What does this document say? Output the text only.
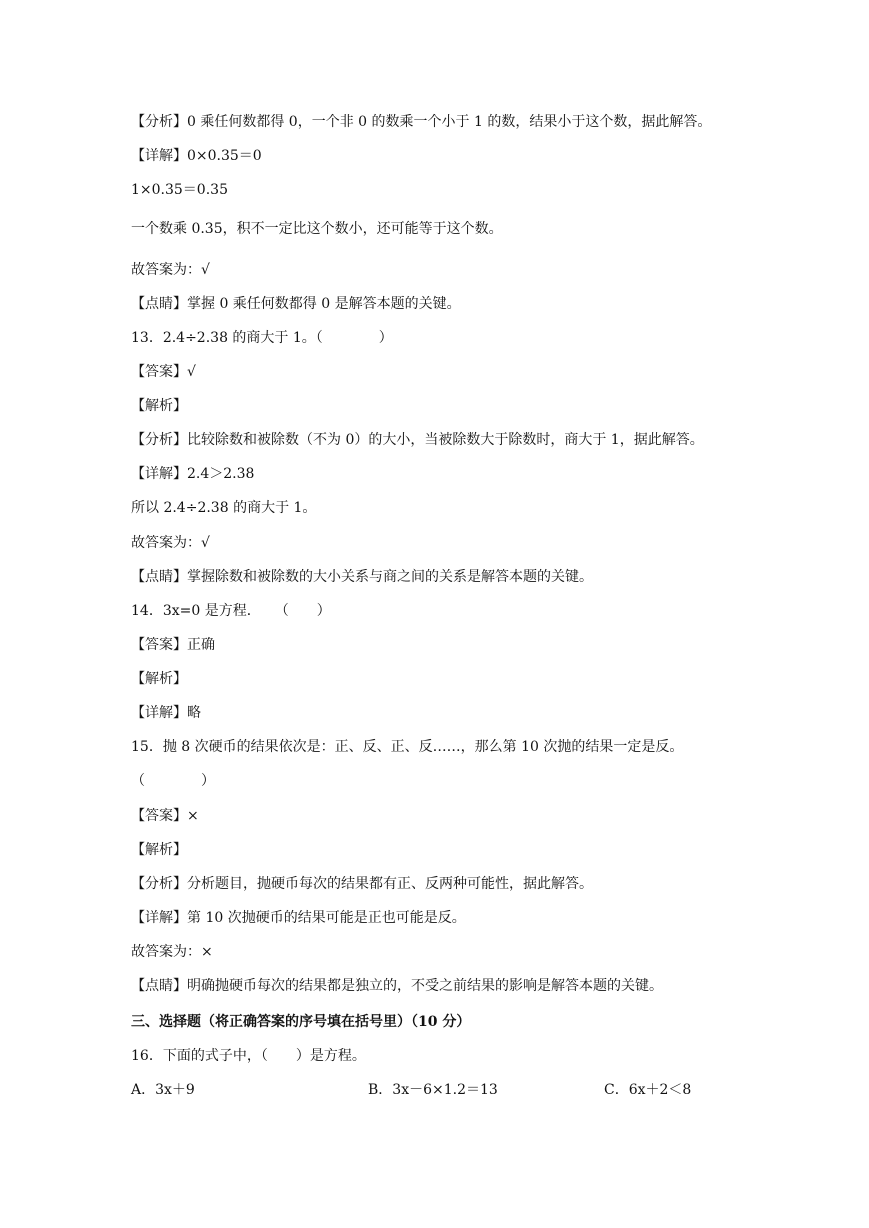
【分析】0 乘任何数都得 0，一个非 0 的数乘一个小于 1 的数，结果小于这个数，据此解答。
【详解】0×0.35＝0
1×0.35＝0.35
一个数乘 0.35，积不一定比这个数小，还可能等于这个数。
故答案为：√
【点睛】掌握 0 乘任何数都得 0 是解答本题的关键。
13．2.4÷2.38 的商大于 1。（　　　　）
【答案】√
【解析】
【分析】比较除数和被除数（不为 0）的大小，当被除数大于除数时，商大于 1，据此解答。
【详解】2.4＞2.38
所以 2.4÷2.38 的商大于 1。
故答案为：√
【点睛】掌握除数和被除数的大小关系与商之间的关系是解答本题的关键。
14．3x=0 是方程．　　（　　）
【答案】正确
【解析】
【详解】略
15．抛 8 次硬币的结果依次是：正、反、正、反……，那么第 10 次抛的结果一定是反。
（　　　　）
【答案】×
【解析】
【分析】分析题目，抛硬币每次的结果都有正、反两种可能性，据此解答。
【详解】第 10 次抛硬币的结果可能是正也可能是反。
故答案为：×
【点睛】明确抛硬币每次的结果都是独立的，不受之前结果的影响是解答本题的关键。
三、选择题（将正确答案的序号填在括号里）（10 分）
16．下面的式子中，（　　）是方程。
A．3x＋9	B．3x－6×1.2＝13	C．6x＋2＜8
